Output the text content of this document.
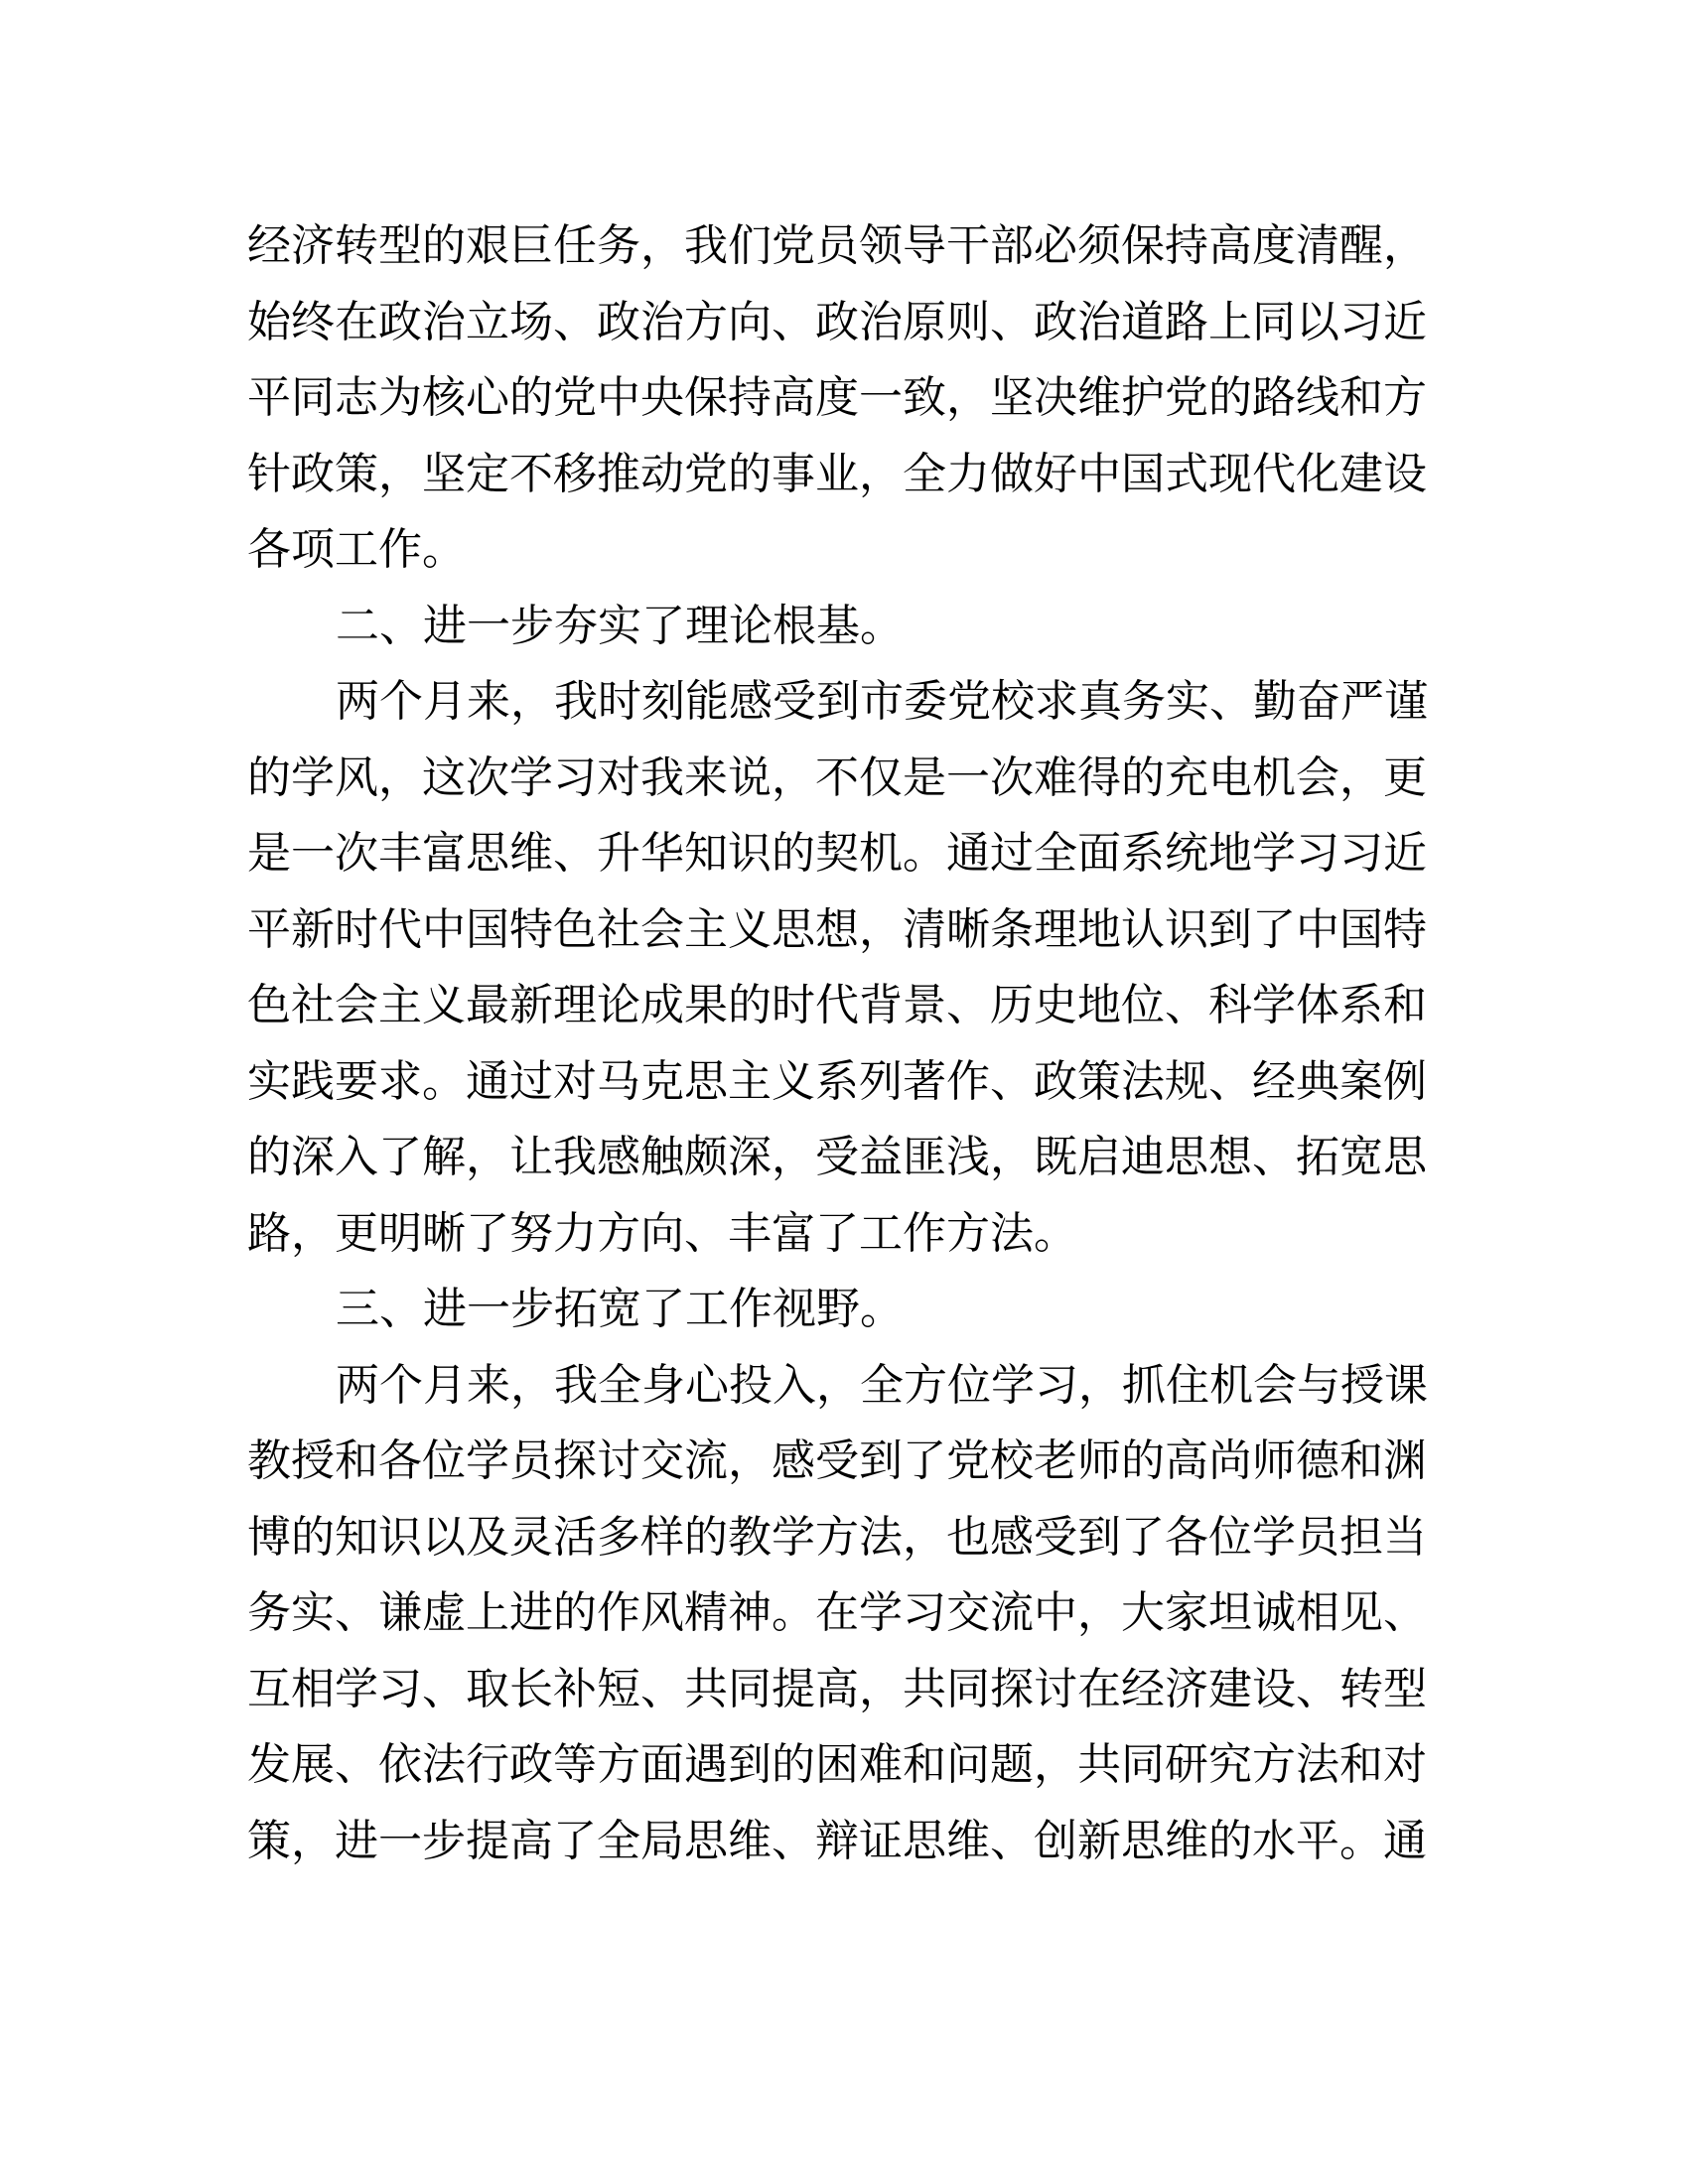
经济转型的艰巨任务，我们党员领导干部必须保持高度清醒，
始终在政治立场、政治方向、政治原则、政治道路上同以习近
平同志为核心的党中央保持高度一致，坚决维护党的路线和方
针政策，坚定不移推动党的事业，全力做好中国式现代化建设
各项工作。
二、进一步夯实了理论根基。
两个月来，我时刻能感受到市委党校求真务实、勤奋严谨
的学风，这次学习对我来说，不仅是一次难得的充电机会，更
是一次丰富思维、升华知识的契机。通过全面系统地学习习近
平新时代中国特色社会主义思想，清晰条理地认识到了中国特
色社会主义最新理论成果的时代背景、历史地位、科学体系和
实践要求。通过对马克思主义系列著作、政策法规、经典案例
的深入了解，让我感触颇深，受益匪浅，既启迪思想、拓宽思
路，更明晰了努力方向、丰富了工作方法。
三、进一步拓宽了工作视野。
两个月来，我全身心投入，全方位学习，抓住机会与授课
教授和各位学员探讨交流，感受到了党校老师的高尚师德和渊
博的知识以及灵活多样的教学方法，也感受到了各位学员担当
务实、谦虚上进的作风精神。在学习交流中，大家坦诚相见、
互相学习、取长补短、共同提高，共同探讨在经济建设、转型
发展、依法行政等方面遇到的困难和问题，共同研究方法和对
策，进一步提高了全局思维、辩证思维、创新思维的水平。通
